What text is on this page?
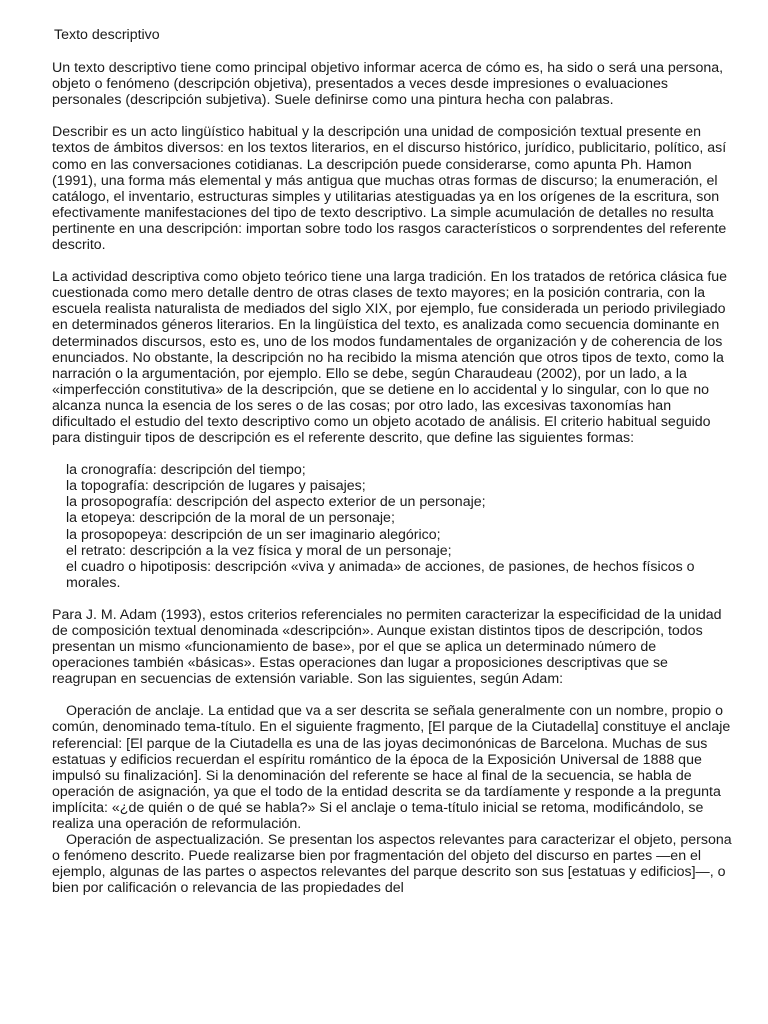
Texto descriptivo

Un texto descriptivo tiene como principal objetivo informar acerca de cómo es, ha sido o será una persona, objeto o fenómeno (descripción objetiva), presentados a veces desde impresiones o evaluaciones personales (descripción subjetiva). Suele definirse como una pintura hecha con palabras.

Describir es un acto lingüístico habitual y la descripción una unidad de composición textual presente en textos de ámbitos diversos: en los textos literarios, en el discurso histórico, jurídico, publicitario, político, así como en las conversaciones cotidianas. La descripción puede considerarse, como apunta Ph. Hamon (1991), una forma más elemental y más antigua que muchas otras formas de discurso; la enumeración, el catálogo, el inventario, estructuras simples y utilitarias atestiguadas ya en los orígenes de la escritura, son efectivamente manifestaciones del tipo de texto descriptivo. La simple acumulación de detalles no resulta pertinente en una descripción: importan sobre todo los rasgos característicos o sorprendentes del referente descrito.

La actividad descriptiva como objeto teórico tiene una larga tradición. En los tratados de retórica clásica fue cuestionada como mero detalle dentro de otras clases de texto mayores; en la posición contraria, con la escuela realista naturalista de mediados del siglo XIX, por ejemplo, fue considerada un periodo privilegiado en determinados géneros literarios. En la lingüística del texto, es analizada como secuencia dominante en determinados discursos, esto es, uno de los modos fundamentales de organización y de coherencia de los enunciados. No obstante, la descripción no ha recibido la misma atención que otros tipos de texto, como la narración o la argumentación, por ejemplo. Ello se debe, según Charaudeau (2002), por un lado, a la «imperfección constitutiva» de la descripción, que se detiene en lo accidental y lo singular, con lo que no alcanza nunca la esencia de los seres o de las cosas; por otro lado, las excesivas taxonomías han dificultado el estudio del texto descriptivo como un objeto acotado de análisis. El criterio habitual seguido para distinguir tipos de descripción es el referente descrito, que define las siguientes formas:

la cronografía: descripción del tiempo;
la topografía: descripción de lugares y paisajes;
la prosopografía: descripción del aspecto exterior de un personaje;
la etopeya: descripción de la moral de un personaje;
la prosopopeya: descripción de un ser imaginario alegórico;
el retrato: descripción a la vez física y moral de un personaje;
el cuadro o hipotiposis: descripción «viva y animada» de acciones, de pasiones, de hechos físicos o morales.

Para J. M. Adam (1993), estos criterios referenciales no permiten caracterizar la especificidad de la unidad de composición textual denominada «descripción». Aunque existan distintos tipos de descripción, todos presentan un mismo «funcionamiento de base», por el que se aplica un determinado número de operaciones también «básicas». Estas operaciones dan lugar a proposiciones descriptivas que se reagrupan en secuencias de extensión variable. Son las siguientes, según Adam:

Operación de anclaje. La entidad que va a ser descrita se señala generalmente con un nombre, propio o común, denominado tema-título. En el siguiente fragmento, [El parque de la Ciutadella] constituye el anclaje referencial: [El parque de la Ciutadella es una de las joyas decimonónicas de Barcelona. Muchas de sus estatuas y edificios recuerdan el espíritu romántico de la época de la Exposición Universal de 1888 que impulsó su finalización]. Si la denominación del referente se hace al final de la secuencia, se habla de operación de asignación, ya que el todo de la entidad descrita se da tardíamente y responde a la pregunta implícita: «¿de quién o de qué se habla?» Si el anclaje o tema-título inicial se retoma, modificándolo, se realiza una operación de reformulación.

Operación de aspectualización. Se presentan los aspectos relevantes para caracterizar el objeto, persona o fenómeno descrito. Puede realizarse bien por fragmentación del objeto del discurso en partes —en el ejemplo, algunas de las partes o aspectos relevantes del parque descrito son sus [estatuas y edificios]—, o bien por calificación o relevancia de las propiedades del
